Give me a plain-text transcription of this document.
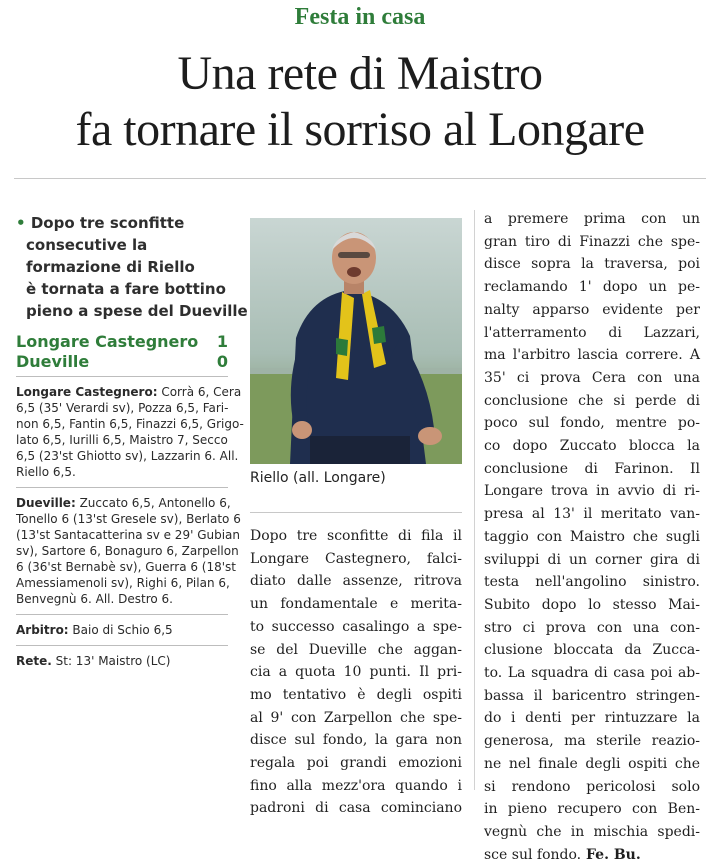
Festa in casa
Una rete di Maistro
fa tornare il sorriso al Longare
• Dopo tre sconfitte
consecutive la
formazione di Riello
è tornata a fare bottino
pieno a spese del Dueville
Longare Castegnero 1
Dueville	0
Longare Castegnero: Corrà 6, Cera
6,5 (35' Verardi sv), Pozza 6,5, Fari-
non 6,5, Fantin 6,5, Finazzi 6,5, Grigo-
lato 6,5, Iurilli 6,5, Maistro 7, Secco
6,5 (23'st Ghiotto sv), Lazzarin 6. All.
Riello 6,5.
Dueville: Zuccato 6,5, Antonello 6,
Tonello 6 (13'st Gresele sv), Berlato 6
(13'st Santacatterina sv e 29' Gubian
sv), Sartore 6, Bonaguro 6, Zarpellon
6 (36'st Bernabè sv), Guerra 6 (18'st
Amessiamenoli sv), Righi 6, Pilan 6,
Benvegnù 6. All. Destro 6.
Arbitro: Baio di Schio 6,5
Rete. St: 13' Maistro (LC)
Riello (all. Longare)
Dopo tre sconfitte di fila il
Longare Castegnero, falci-
diato dalle assenze, ritrova
un fondamentale e merita-
to successo casalingo a spe-
se del Dueville che aggan-
cia a quota 10 punti. Il pri-
mo tentativo è degli ospiti
al 9' con Zarpellon che spe-
disce sul fondo, la gara non
regala poi grandi emozioni
fino alla mezz'ora quando i
padroni di casa cominciano
a premere prima con un
gran tiro di Finazzi che spe-
disce sopra la traversa, poi
reclamando 1' dopo un pe-
nalty apparso evidente per
l'atterramento di Lazzari,
ma l'arbitro lascia correre. A
35' ci prova Cera con una
conclusione che si perde di
poco sul fondo, mentre po-
co dopo Zuccato blocca la
conclusione di Farinon. Il
Longare trova in avvio di ri-
presa al 13' il meritato van-
taggio con Maistro che sugli
sviluppi di un corner gira di
testa nell'angolino sinistro.
Subito dopo lo stesso Mai-
stro ci prova con una con-
clusione bloccata da Zucca-
to. La squadra di casa poi ab-
bassa il baricentro stringen-
do i denti per rintuzzare la
generosa, ma sterile reazio-
ne nel finale degli ospiti che
si rendono pericolosi solo
in pieno recupero con Ben-
vegnù che in mischia spedi-
sce sul fondo. Fe. Bu.
